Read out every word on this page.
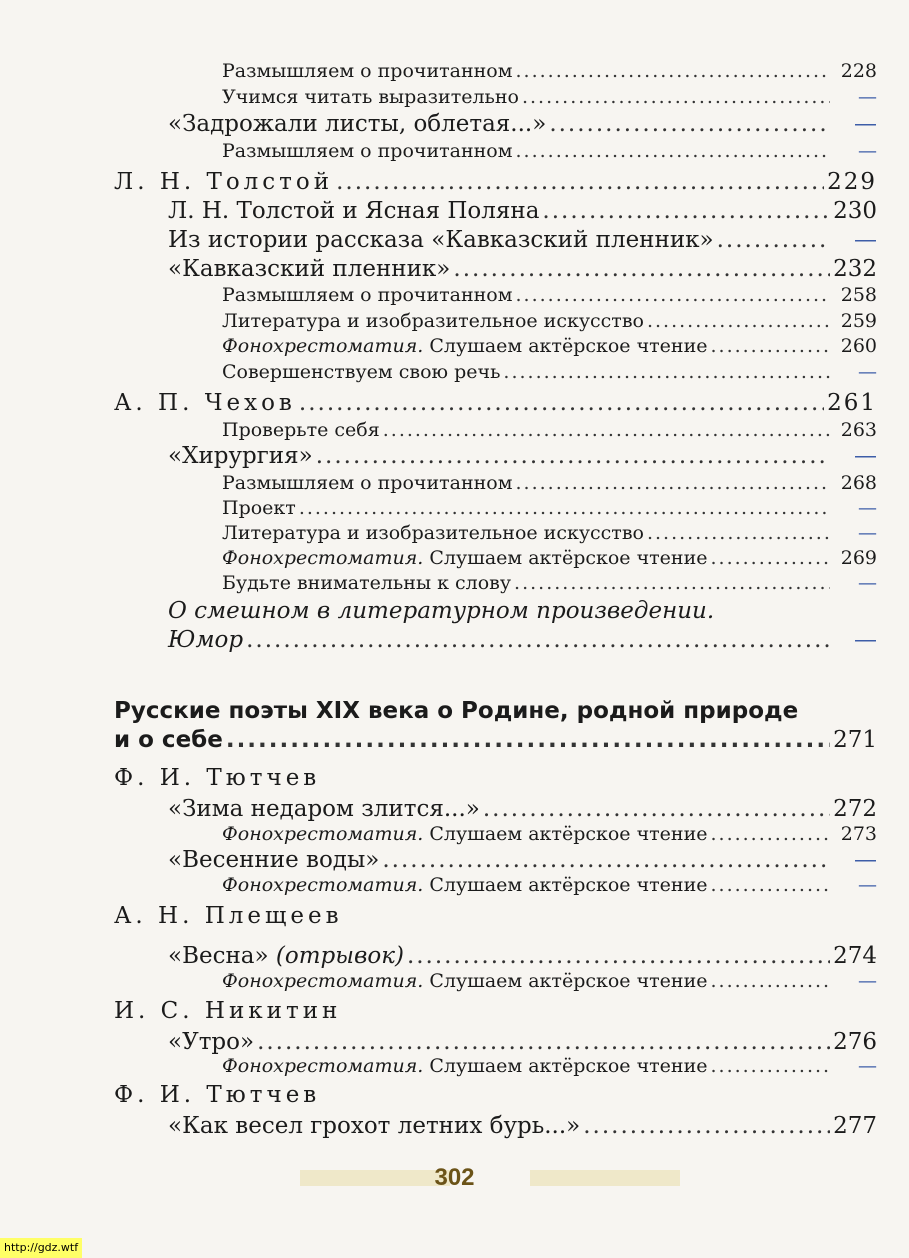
Размышляем о прочитанном .....	228
Учимся читать выразительно .....	—
«Задрожали листы, облетая...» .....	—
Размышляем о прочитанном .....	—
Л. Н. Толстой .....	229
Л. Н. Толстой и Ясная Поляна .....	230
Из истории рассказа «Кавказский пленник» .....	—
«Кавказский пленник» .....	232
Размышляем о прочитанном .....	258
Литература и изобразительное искусство .....	259
Фонохрестоматия. Слушаем актёрское чтение .....	260
Совершенствуем свою речь .....	—
А. П. Чехов .....	261
Проверьте себя .....	263
«Хирургия» .....	—
Размышляем о прочитанном .....	268
Проект .....	—
Литература и изобразительное искусство .....	—
Фонохрестоматия. Слушаем актёрское чтение .....	269
Будьте внимательны к слову .....	—
О смешном в литературном произведении.
Юмор .....	—
Русские поэты XIX века о Родине, родной природе
и о себе .....	271
Ф. И. Тютчев
«Зима недаром злится...» .....	272
Фонохрестоматия. Слушаем актёрское чтение .....	273
«Весенние воды» .....	—
Фонохрестоматия. Слушаем актёрское чтение .....	—
А. Н. Плещеев
«Весна» (отрывок) .....	274
Фонохрестоматия. Слушаем актёрское чтение .....	—
И. С. Никитин
«Утро» .....	276
Фонохрестоматия. Слушаем актёрское чтение .....	—
Ф. И. Тютчев
«Как весел грохот летних бурь...» .....	277
302
http://gdz.wtf
